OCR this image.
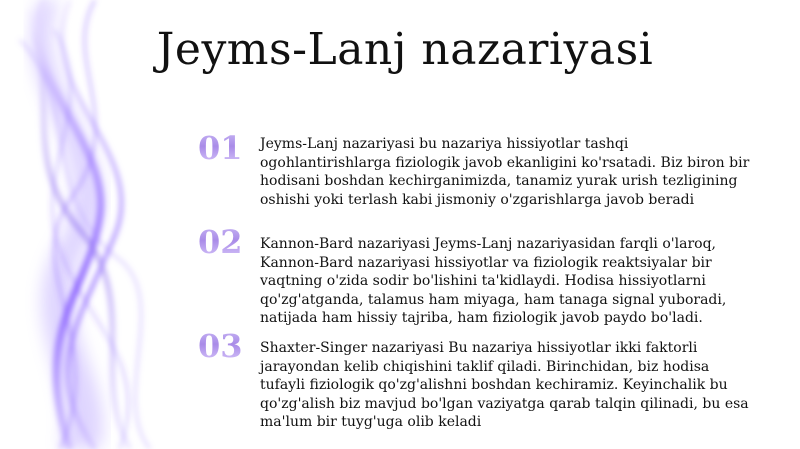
Jeyms-Lanj nazariyasi
01 Jeyms-Lanj nazariyasi bu nazariya hissiyotlar tashqi ogohlantirishlarga fiziologik javob ekanligini ko'rsatadi. Biz biron bir hodisani boshdan kechirganimizda, tanamiz yurak urish tezligining oshishi yoki terlash kabi jismoniy o'zgarishlarga javob beradi

02 Kannon-Bard nazariyasi Jeyms-Lanj nazariyasidan farqli o'laroq, Kannon-Bard nazariyasi hissiyotlar va fiziologik reaktsiyalar bir vaqtning o'zida sodir bo'lishini ta'kidlaydi. Hodisa hissiyotlarni qo'zg'atganda, talamus ham miyaga, ham tanaga signal yuboradi, natijada ham hissiy tajriba, ham fiziologik javob paydo bo'ladi.

03 Shaxter-Singer nazariyasi Bu nazariya hissiyotlar ikki faktorli jarayondan kelib chiqishini taklif qiladi. Birinchidan, biz hodisa tufayli fiziologik qo'zg'alishni boshdan kechiramiz. Keyinchalik bu qo'zg'alish biz mavjud bo'lgan vaziyatga qarab talqin qilinadi, bu esa ma'lum bir tuyg'uga olib keladi
